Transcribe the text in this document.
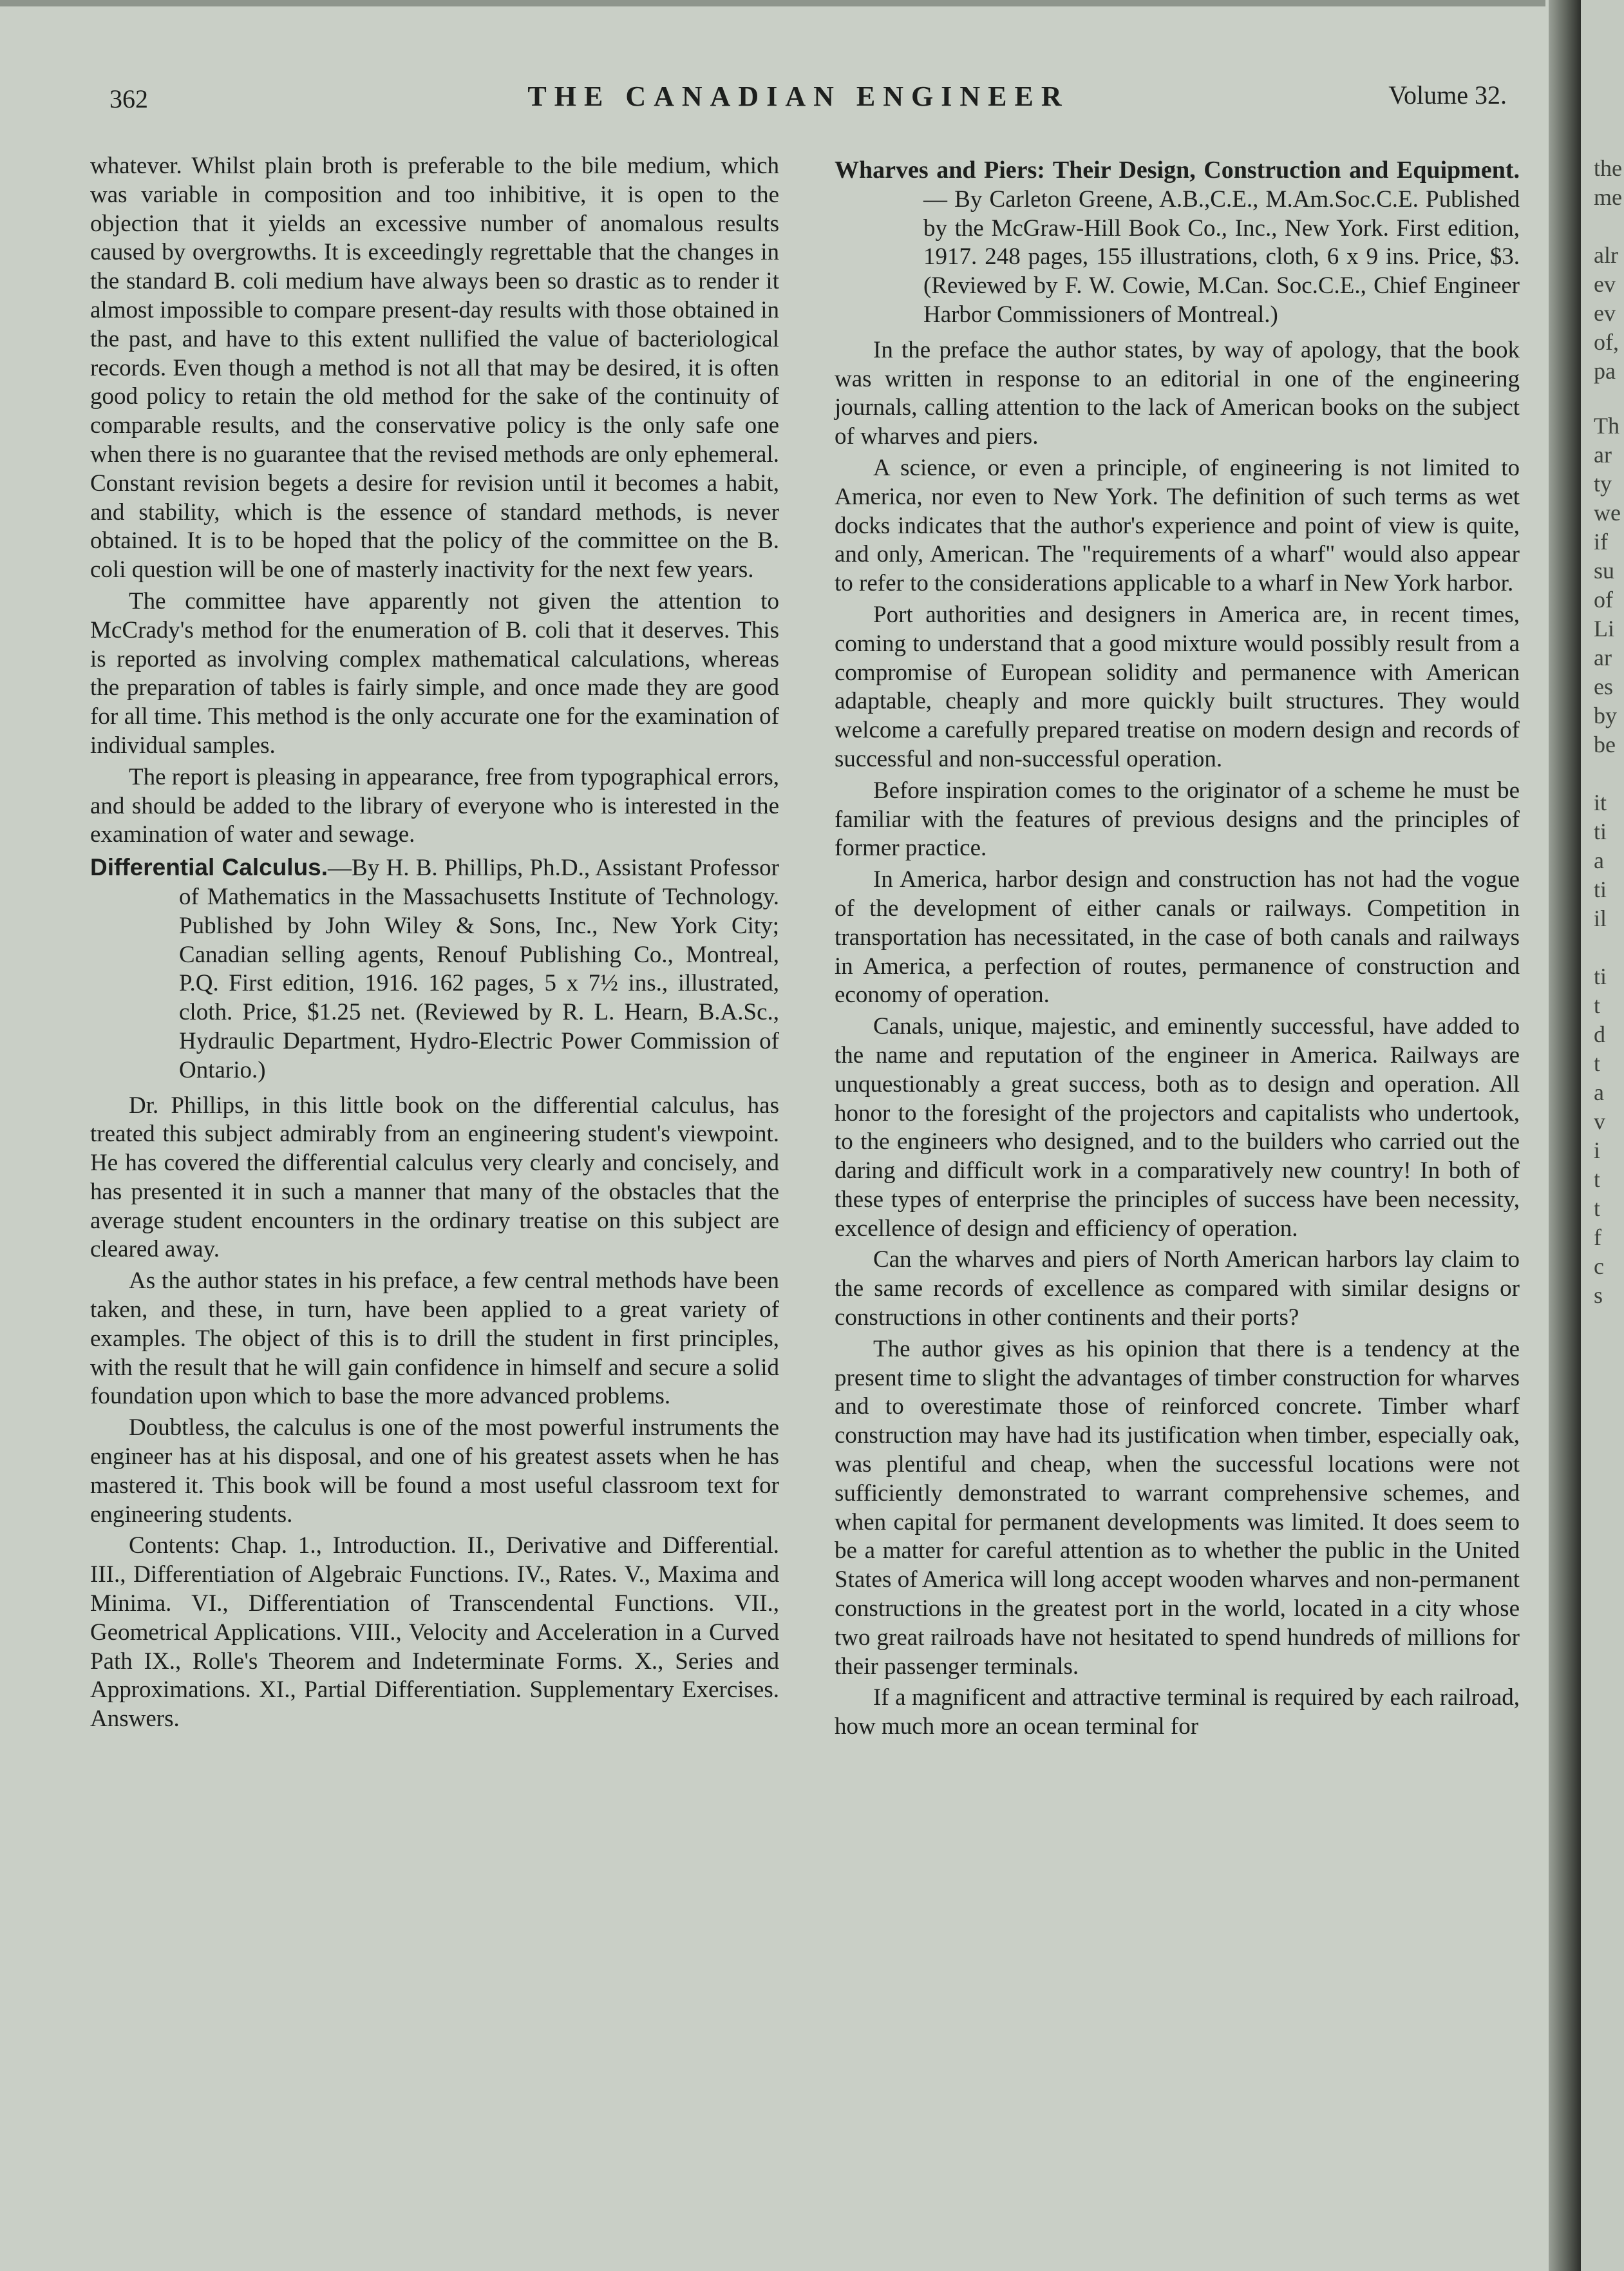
362	THE CANADIAN ENGINEER	Volume 32.

whatever. Whilst plain broth is preferable to the bile medium, which was variable in composition and too inhibitive, it is open to the objection that it yields an excessive number of anomalous results caused by overgrowths. It is exceedingly regrettable that the changes in the standard B. coli medium have always been so drastic as to render it almost impossible to compare present-day results with those obtained in the past, and have to this extent nullified the value of bacteriological records. Even though a method is not all that may be desired, it is often good policy to retain the old method for the sake of the continuity of comparable results, and the conservative policy is the only safe one when there is no guarantee that the revised methods are only ephemeral. Constant revision begets a desire for revision until it becomes a habit, and stability, which is the essence of standard methods, is never obtained. It is to be hoped that the policy of the committee on the B. coli question will be one of masterly inactivity for the next few years.

The committee have apparently not given the attention to McCrady's method for the enumeration of B. coli that it deserves. This is reported as involving complex mathematical calculations, whereas the preparation of tables is fairly simple, and once made they are good for all time. This method is the only accurate one for the examination of individual samples.

The report is pleasing in appearance, free from typographical errors, and should be added to the library of everyone who is interested in the examination of water and sewage.

Differential Calculus.—By H. B. Phillips, Ph.D., Assistant Professor of Mathematics in the Massachusetts Institute of Technology. Published by John Wiley & Sons, Inc., New York City; Canadian selling agents, Renouf Publishing Co., Montreal, P.Q. First edition, 1916. 162 pages, 5 x 7½ ins., illustrated, cloth. Price, $1.25 net. (Reviewed by R. L. Hearn, B.A.Sc., Hydraulic Department, Hydro-Electric Power Commission of Ontario.)

Dr. Phillips, in this little book on the differential calculus, has treated this subject admirably from an engineering student's viewpoint. He has covered the differential calculus very clearly and concisely, and has presented it in such a manner that many of the obstacles that the average student encounters in the ordinary treatise on this subject are cleared away.

As the author states in his preface, a few central methods have been taken, and these, in turn, have been applied to a great variety of examples. The object of this is to drill the student in first principles, with the result that he will gain confidence in himself and secure a solid foundation upon which to base the more advanced problems.

Doubtless, the calculus is one of the most powerful instruments the engineer has at his disposal, and one of his greatest assets when he has mastered it. This book will be found a most useful classroom text for engineering students.

Contents: Chap. 1., Introduction. II., Derivative and Differential. III., Differentiation of Algebraic Functions. IV., Rates. V., Maxima and Minima. VI., Differentiation of Transcendental Functions. VII., Geometrical Applications. VIII., Velocity and Acceleration in a Curved Path IX., Rolle's Theorem and Indeterminate Forms. X., Series and Approximations. XI., Partial Differentiation. Supplementary Exercises. Answers.

Wharves and Piers: Their Design, Construction and Equipment. — By Carleton Greene, A.B.,C.E., M.Am.Soc.C.E. Published by the McGraw-Hill Book Co., Inc., New York. First edition, 1917. 248 pages, 155 illustrations, cloth, 6 x 9 ins. Price, $3. (Reviewed by F. W. Cowie, M.Can. Soc.C.E., Chief Engineer Harbor Commissioners of Montreal.)

In the preface the author states, by way of apology, that the book was written in response to an editorial in one of the engineering journals, calling attention to the lack of American books on the subject of wharves and piers.

A science, or even a principle, of engineering is not limited to America, nor even to New York. The definition of such terms as wet docks indicates that the author's experience and point of view is quite, and only, American. The "requirements of a wharf" would also appear to refer to the considerations applicable to a wharf in New York harbor.

Port authorities and designers in America are, in recent times, coming to understand that a good mixture would possibly result from a compromise of European solidity and permanence with American adaptable, cheaply and more quickly built structures. They would welcome a carefully prepared treatise on modern design and records of successful and non-successful operation.

Before inspiration comes to the originator of a scheme he must be familiar with the features of previous designs and the principles of former practice.

In America, harbor design and construction has not had the vogue of the development of either canals or railways. Competition in transportation has necessitated, in the case of both canals and railways in America, a perfection of routes, permanence of construction and economy of operation.

Canals, unique, majestic, and eminently successful, have added to the name and reputation of the engineer in America. Railways are unquestionably a great success, both as to design and operation. All honor to the foresight of the projectors and capitalists who undertook, to the engineers who designed, and to the builders who carried out the daring and difficult work in a comparatively new country! In both of these types of enterprise the principles of success have been necessity, excellence of design and efficiency of operation.

Can the wharves and piers of North American harbors lay claim to the same records of excellence as compared with similar designs or constructions in other continents and their ports?

The author gives as his opinion that there is a tendency at the present time to slight the advantages of timber construction for wharves and to overestimate those of reinforced concrete. Timber wharf construction may have had its justification when timber, especially oak, was plentiful and cheap, when the successful locations were not sufficiently demonstrated to warrant comprehensive schemes, and when capital for permanent developments was limited. It does seem to be a matter for careful attention as to whether the public in the United States of America will long accept wooden wharves and non-permanent constructions in the greatest port in the world, located in a city whose two great railroads have not hesitated to spend hundreds of millions for their passenger terminals.

If a magnificent and attractive terminal is required by each railroad, how much more an ocean terminal for

the
me
alr
ev
ev
of,
pa
Th
ar
ty
we
if
su
of
Li
ar
es
by
be
it
ti
a
ti
il
ti
t
d
t
a
v
i
t
t
f
c
s
